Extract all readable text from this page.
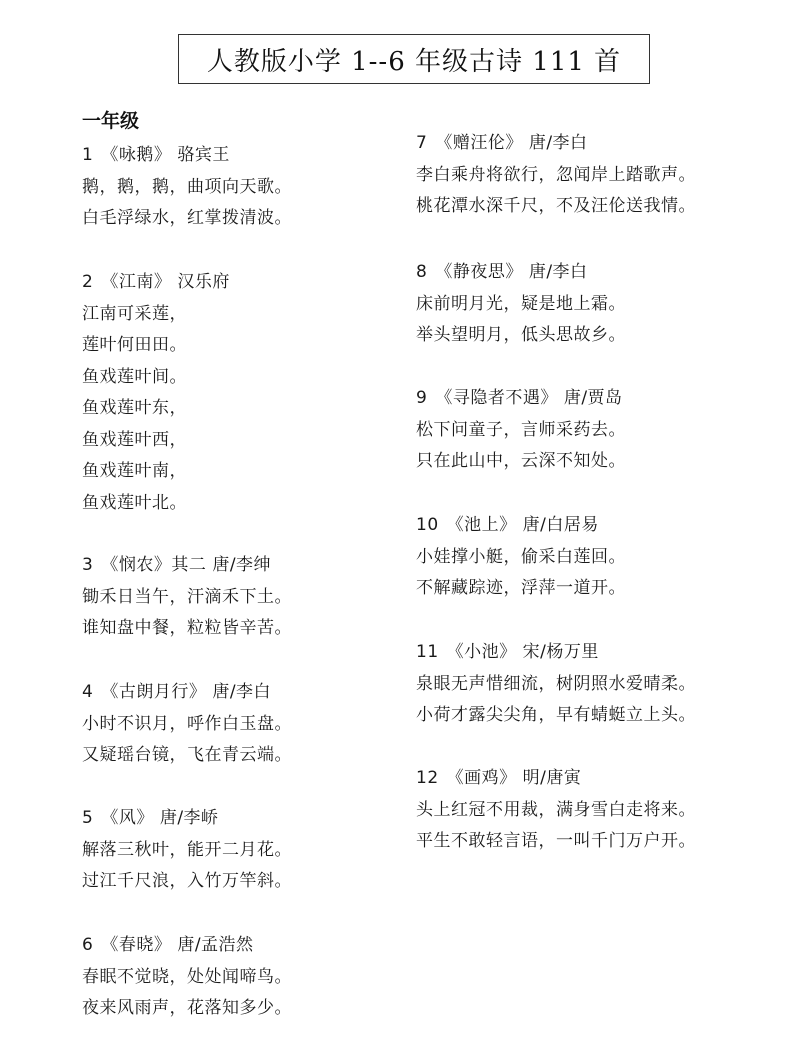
人教版小学 1--6 年级古诗 111 首
一年级
1 《咏鹅》 骆宾王
鹅，鹅，鹅，曲项向天歌。
白毛浮绿水，红掌拨清波。
2 《江南》 汉乐府
江南可采莲，
莲叶何田田。
鱼戏莲叶间。
鱼戏莲叶东，
鱼戏莲叶西，
鱼戏莲叶南，
鱼戏莲叶北。
3 《悯农》其二 唐/李绅
锄禾日当午，汗滴禾下土。
谁知盘中餐，粒粒皆辛苦。
4 《古朗月行》 唐/李白
小时不识月，呼作白玉盘。
又疑瑶台镜，飞在青云端。
5 《风》 唐/李峤
解落三秋叶，能开二月花。
过江千尺浪，入竹万竿斜。
6 《春晓》 唐/孟浩然
春眠不觉晓，处处闻啼鸟。
夜来风雨声，花落知多少。
7 《赠汪伦》 唐/李白
李白乘舟将欲行，忽闻岸上踏歌声。
桃花潭水深千尺，不及汪伦送我情。
8 《静夜思》 唐/李白
床前明月光，疑是地上霜。
举头望明月，低头思故乡。
9 《寻隐者不遇》 唐/贾岛
松下问童子，言师采药去。
只在此山中，云深不知处。
10 《池上》 唐/白居易
小娃撑小艇，偷采白莲回。
不解藏踪迹，浮萍一道开。
11 《小池》 宋/杨万里
泉眼无声惜细流，树阴照水爱晴柔。
小荷才露尖尖角，早有蜻蜓立上头。
12 《画鸡》 明/唐寅
头上红冠不用裁，满身雪白走将来。
平生不敢轻言语，一叫千门万户开。
